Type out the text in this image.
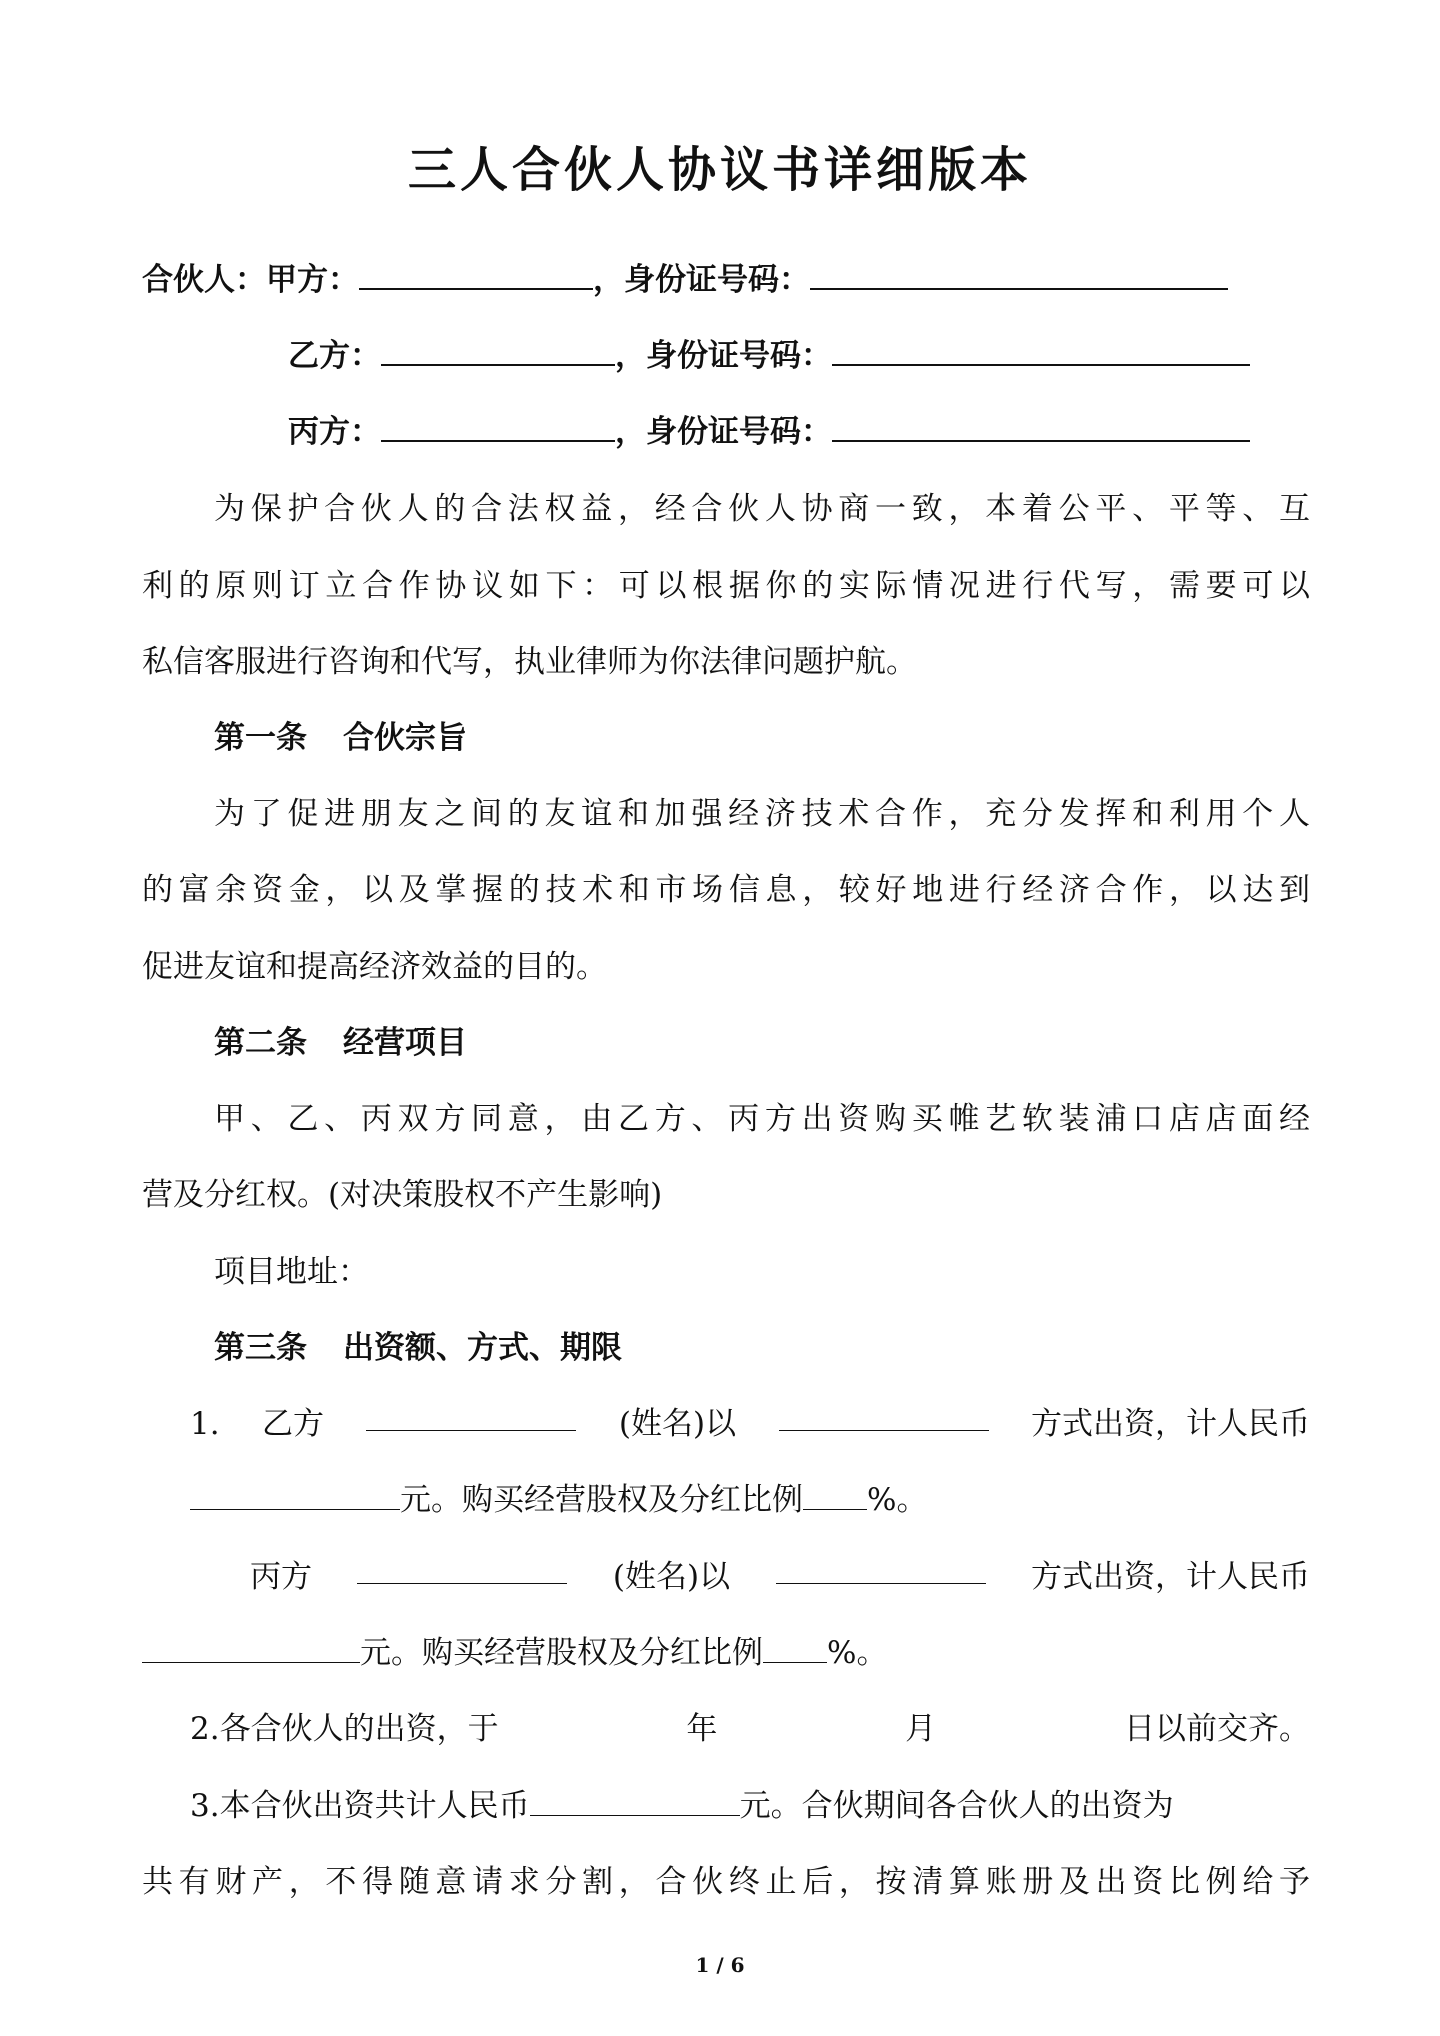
三人合伙人协议书详细版本
合伙人：甲方：	，身份证号码：
乙方：	，身份证号码：
丙方：	，身份证号码：
为保护合伙人的合法权益，经合伙人协商一致，本着公平、平等、互
利的原则订立合作协议如下：可以根据你的实际情况进行代写，需要可以
私信客服进行咨询和代写，执业律师为你法律问题护航。
第一条 合伙宗旨
为了促进朋友之间的友谊和加强经济技术合作，充分发挥和利用个人
的富余资金，以及掌握的技术和市场信息，较好地进行经济合作，以达到
促进友谊和提高经济效益的目的。
第二条 经营项目
甲、乙、丙双方同意，由乙方、丙方出资购买帷艺软装浦口店店面经
营及分红权。(对决策股权不产生影响)
项目地址：
第三条 出资额、方式、期限
1. 乙方	(姓名)以	方式出资，计人民币
元。购买经营股权及分红比例 %。
丙方	(姓名)以	方式出资，计人民币
元。购买经营股权及分红比例 %。
2.各合伙人的出资，于	年	月	日以前交齐。
3.本合伙出资共计人民币	元。合伙期间各合伙人的出资为
共有财产，不得随意请求分割，合伙终止后，按清算账册及出资比例给予
1 / 6
